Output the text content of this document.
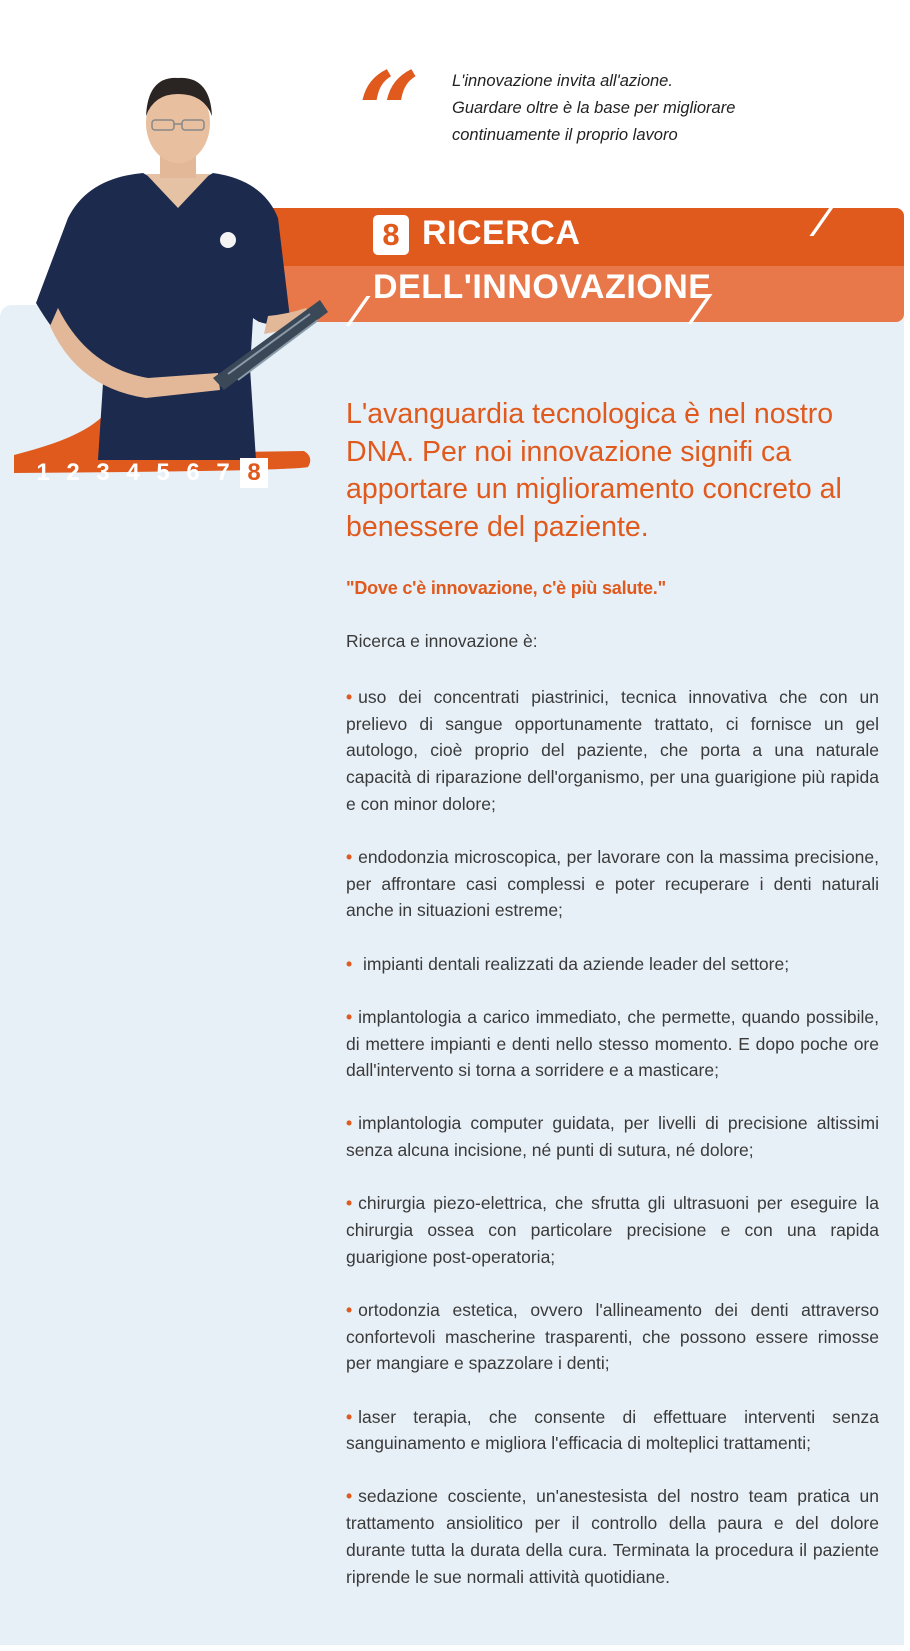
“ L'innovazione invita all'azione.
Guardare oltre è la base per migliorare
continuamente il proprio lavoro
8 RICERCA
DELL'INNOVAZIONE
1 2 3 4 5 6 7 8
L'avanguardia tecnologica è nel nostro DNA. Per noi innovazione signifi ca apportare un miglioramento concreto al benessere del paziente.
"Dove c'è innovazione, c'è più salute."
Ricerca e innovazione è:

• uso dei concentrati piastrinici, tecnica innovativa che con un prelievo di sangue opportunamente trattato, ci fornisce un gel autologo, cioè proprio del paziente, che porta a una naturale capacità di riparazione dell'organismo, per una guarigione più rapida e con minor dolore;

• endodonzia microscopica, per lavorare con la massima precisione, per affrontare casi complessi e poter recuperare i denti naturali anche in situazioni estreme;

• impianti dentali realizzati da aziende leader del settore;

• implantologia a carico immediato, che permette, quando possibile, di mettere impianti e denti nello stesso momento. E dopo poche ore dall'intervento si torna a sorridere e a masticare;

• implantologia computer guidata, per livelli di precisione altissimi senza alcuna incisione, né punti di sutura, né dolore;

• chirurgia piezo-elettrica, che sfrutta gli ultrasuoni per eseguire la chirurgia ossea con particolare precisione e con una rapida guarigione post-operatoria;

• ortodonzia estetica, ovvero l'allineamento dei denti attraverso confortevoli mascherine trasparenti, che possono essere rimosse per mangiare e spazzolare i denti;

• laser terapia, che consente di effettuare interventi senza sanguinamento e migliora l'efficacia di molteplici trattamenti;

• sedazione cosciente, un'anestesista del nostro team pratica un trattamento ansiolitico per il controllo della paura e del dolore durante tutta la durata della cura. Terminata la procedura il paziente riprende le sue normali attività quotidiane.
